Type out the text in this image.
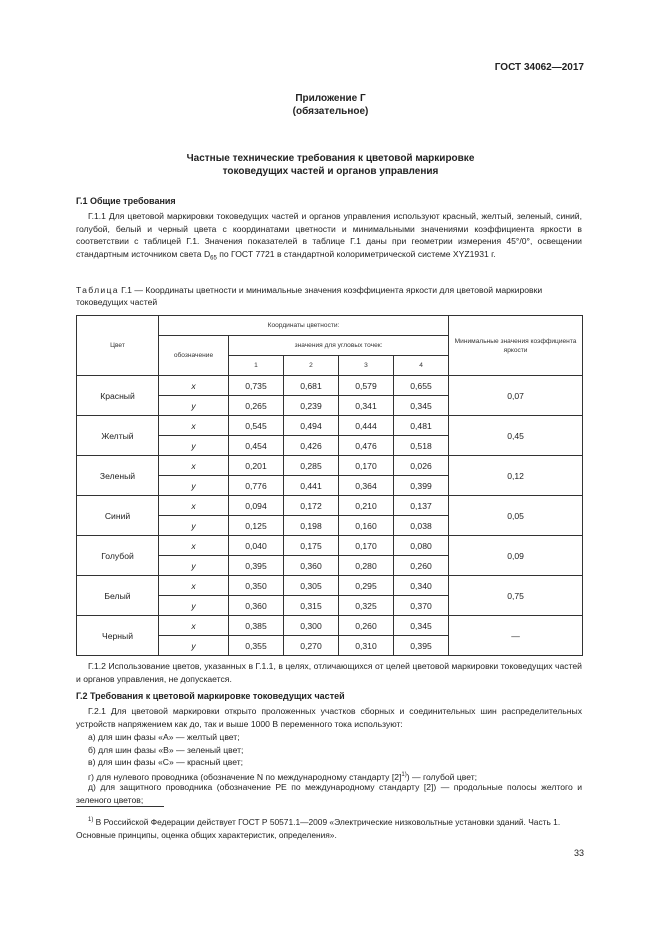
ГОСТ 34062—2017
Приложение Г
(обязательное)
Частные технические требования к цветовой маркировке
токоведущих частей и органов управления
Г.1 Общие требования
Г.1.1 Для цветовой маркировки токоведущих частей и органов управления используют красный, желтый, зеленый, синий, голубой, белый и черный цвета с координатами цветности и минимальными значениями коэффициента яркости в соответствии с таблицей Г.1. Значения показателей в таблице Г.1 даны при геометрии измерения 45°/0°, освещении стандартным источником света $D_{65}$ по ГОСТ 7721 в стандартной колориметрической системе XYZ1931 г.
Таблица Г.1 — Координаты цветности и минимальные значения коэффициента яркости для цветовой маркировки токоведущих частей
Цвет	Координаты цветности:					Минимальные значения коэффициента яркости
	обозначение	значения для угловых точек:				
		1	2	3	4	
Красный	x	0,735	0,681	0,579	0,655	0,07
	y	0,265	0,239	0,341	0,345	
Желтый	x	0,545	0,494	0,444	0,481	0,45
	y	0,454	0,426	0,476	0,518	
Зеленый	x	0,201	0,285	0,170	0,026	0,12
	y	0,776	0,441	0,364	0,399	
Синий	x	0,094	0,172	0,210	0,137	0,05
	y	0,125	0,198	0,160	0,038	
Голубой	x	0,040	0,175	0,170	0,080	0,09
	y	0,395	0,360	0,280	0,260	
Белый	x	0,350	0,305	0,295	0,340	0,75
	y	0,360	0,315	0,325	0,370	
Черный	x	0,385	0,300	0,260	0,345	—
	y	0,355	0,270	0,310	0,395	
Г.1.2 Использование цветов, указанных в Г.1.1, в целях, отличающихся от целей цветовой маркировки токоведущих частей и органов управления, не допускается.
Г.2 Требования к цветовой маркировке токоведущих частей
Г.2.1 Для цветовой маркировки открыто проложенных участков сборных и соединительных шин распределительных устройств напряжением как до, так и выше 1000 В переменного тока используют:
а) для шин фазы «А» — желтый цвет;
б) для шин фазы «В» — зеленый цвет;
в) для шин фазы «С» — красный цвет;
г) для нулевого проводника (обозначение N по международному стандарту $[2]^{1)}$) — голубой цвет;
д) для защитного проводника (обозначение РЕ по международному стандарту [2]) — продольные полосы желтого и зеленого цветов;
$^{1)}$ В Российской Федерации действует ГОСТ Р 50571.1—2009 «Электрические низковольтные установки зданий. Часть 1. Основные принципы, оценка общих характеристик, определения».
33
